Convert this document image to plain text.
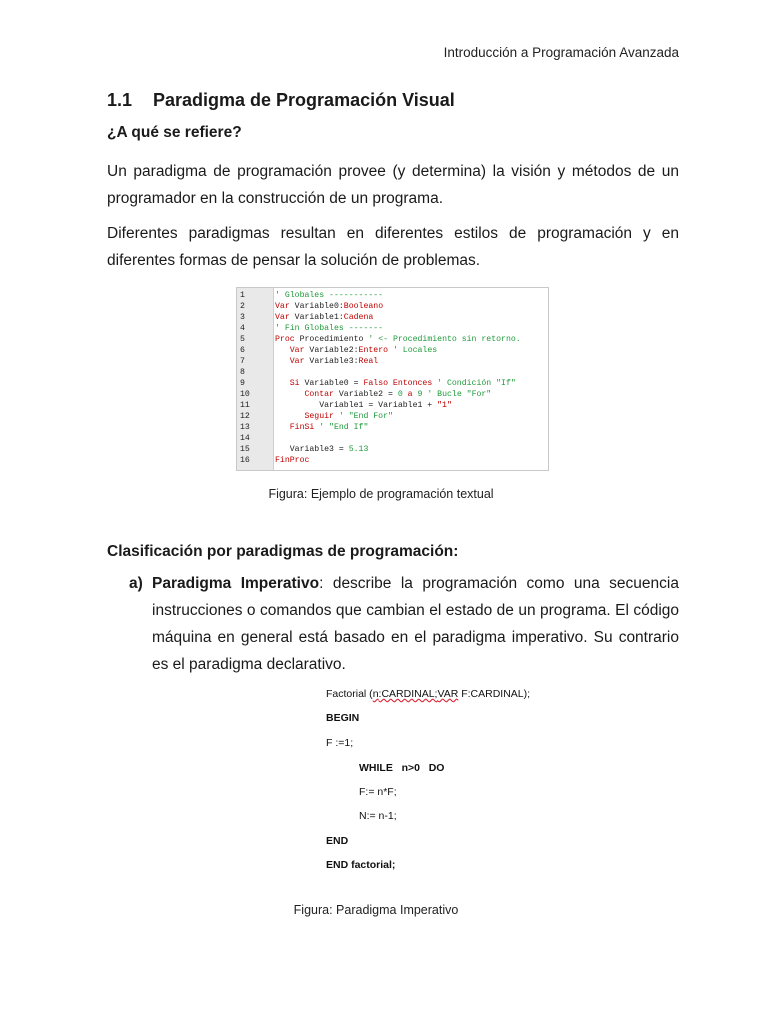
Introducción a Programación Avanzada
1.1 Paradigma de Programación Visual
¿A qué se refiere?
Un paradigma de programación provee (y determina) la visión y métodos de un programador en la construcción de un programa.
Diferentes paradigmas resultan en diferentes estilos de programación y en diferentes formas de pensar la solución de problemas.
1	' Globales -----------
2	Var Variable0:Booleano
3	Var Variable1:Cadena
4	' Fin Globales -------
5	Proc Procedimiento ' <- Procedimiento sin retorno.
6	Var Variable2:Entero ' Locales
7	Var Variable3:Real
8
9	Si Variable0 = Falso Entonces ' Condición "If"
10	Contar Variable2 = 0 a 9 ' Bucle "For"
11	Variable1 = Variable1 + "1"
12	Seguir ' "End For"
13	FinSi ' "End If"
14
15	Variable3 = 5.13
16	FinProc
Figura: Ejemplo de programación textual
Clasificación por paradigmas de programación:
a) Paradigma Imperativo: describe la programación como una secuencia instrucciones o comandos que cambian el estado de un programa. El código máquina en general está basado en el paradigma imperativo. Su contrario es el paradigma declarativo.
Factorial (n:CARDINAL;VAR F:CARDINAL);
BEGIN
F :=1;
WHILE   n>0   DO
F:= n*F;
N:= n-1;
END
END factorial;
Figura: Paradigma Imperativo
